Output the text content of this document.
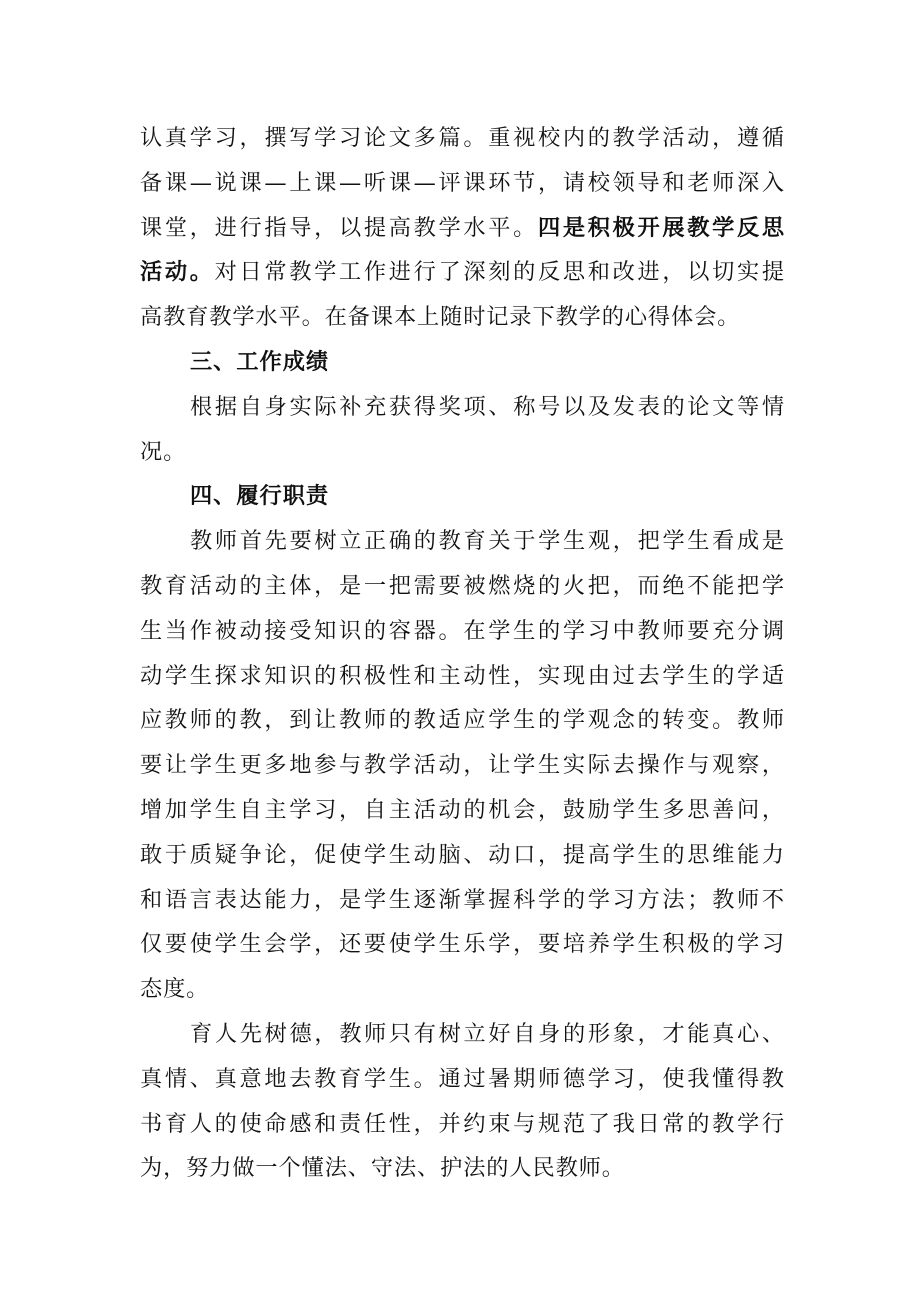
认真学习，撰写学习论文多篇。重视校内的教学活动，遵循
备课—说课—上课—听课—评课环节，请校领导和老师深入
课堂，进行指导，以提高教学水平。四是积极开展教学反思
活动。对日常教学工作进行了深刻的反思和改进，以切实提
高教育教学水平。在备课本上随时记录下教学的心得体会。
三、工作成绩
根据自身实际补充获得奖项、称号以及发表的论文等情
况。
四、履行职责
教师首先要树立正确的教育关于学生观，把学生看成是
教育活动的主体，是一把需要被燃烧的火把，而绝不能把学
生当作被动接受知识的容器。在学生的学习中教师要充分调
动学生探求知识的积极性和主动性，实现由过去学生的学适
应教师的教，到让教师的教适应学生的学观念的转变。教师
要让学生更多地参与教学活动，让学生实际去操作与观察，
增加学生自主学习，自主活动的机会，鼓励学生多思善问，
敢于质疑争论，促使学生动脑、动口，提高学生的思维能力
和语言表达能力，是学生逐渐掌握科学的学习方法；教师不
仅要使学生会学，还要使学生乐学，要培养学生积极的学习
态度。
育人先树德，教师只有树立好自身的形象，才能真心、
真情、真意地去教育学生。通过暑期师德学习，使我懂得教
书育人的使命感和责任性，并约束与规范了我日常的教学行
为，努力做一个懂法、守法、护法的人民教师。
